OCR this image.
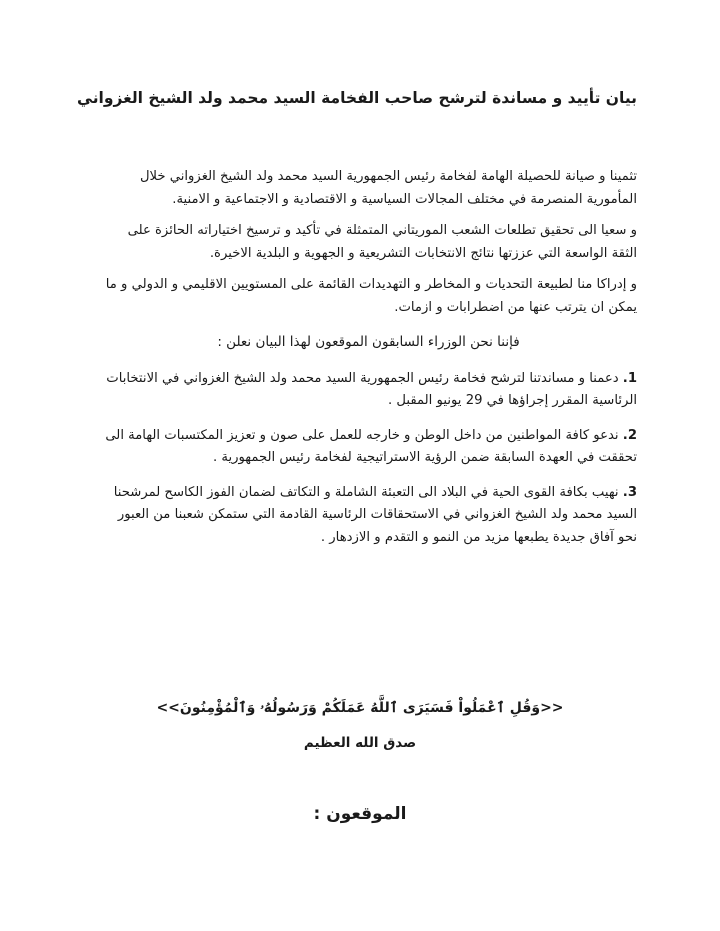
بيان تأييد و مساندة لترشح صاحب الفخامة السيد محمد ولد الشيخ الغزواني

تثمينا و صيانة للحصيلة الهامة لفخامة رئيس الجمهورية السيد محمد ولد الشيخ الغزواني خلال المأمورية المنصرمة في مختلف المجالات السياسية و الاقتصادية و الاجتماعية و الامنية.

و سعيا الى تحقيق تطلعات الشعب الموريتاني المتمثلة في تأكيد و ترسيخ اختياراته الحائزة على الثقة الواسعة التي عززتها نتائج الانتخابات التشريعية و الجهوية و البلدية الاخيرة.

و إدراكا منا لطبيعة التحديات و المخاطر و التهديدات القائمة على المستويين الاقليمي و الدولي و ما يمكن ان يترتب عنها من اضطرابات و ازمات.

فإننا نحن الوزراء السابقون الموقعون لهذا البيان نعلن :

1. دعمنا و مساندتنا لترشح فخامة رئيس الجمهورية السيد محمد ولد الشيخ الغزواني في الانتخابات الرئاسية المقرر إجراؤها في 29 يونيو المقبل .

2. ندعو كافة المواطنين من داخل الوطن و خارجه للعمل على صون و تعزيز المكتسبات الهامة الى تحققت في العهدة السابقة ضمن الرؤية الاستراتيجية لفخامة رئيس الجمهورية .

3. نهيب بكافة القوى الحية في البلاد الى التعبئة الشاملة و التكاتف لضمان الفوز الكاسح لمرشحنا السيد محمد ولد الشيخ الغزواني في الاستحقاقات الرئاسية القادمة التي ستمكن شعبنا من العبور نحو آفاق جديدة يطبعها مزيد من النمو و التقدم و الازدهار .

<<وَقُلِ ٱعْمَلُواْ فَسَيَرَى ٱللَّهُ عَمَلَكُمْ وَرَسُولُهُۥ وَٱلْمُؤْمِنُونَ>>
صدق الله العظيم
الموقعون :
